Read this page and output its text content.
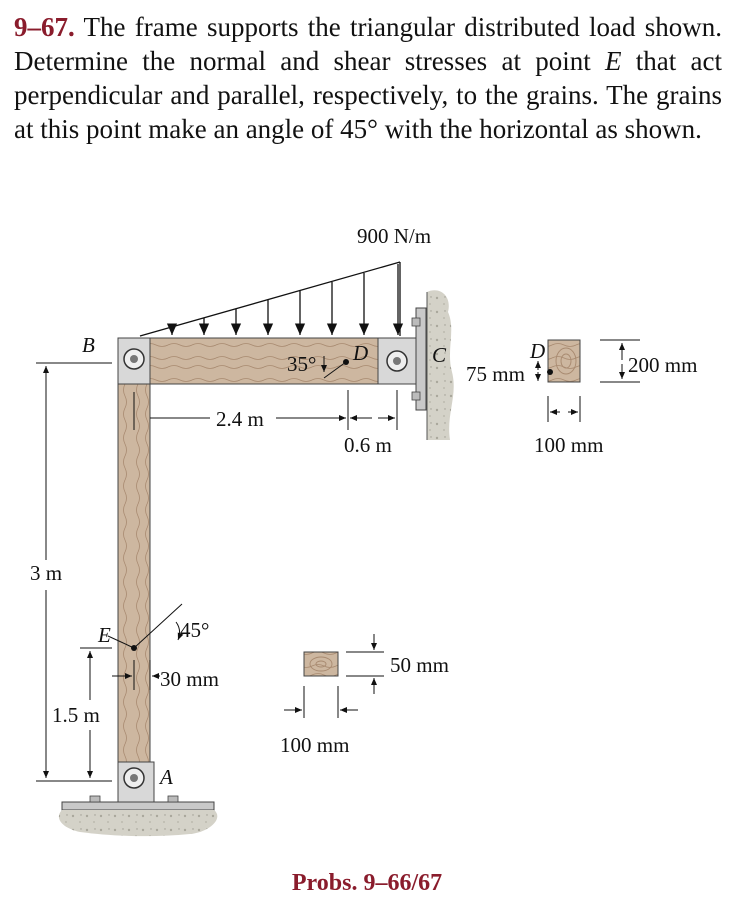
9–67. The frame supports the triangular distributed load shown. Determine the normal and shear stresses at point E that act perpendicular and parallel, respectively, to the grains. The grains at this point make an angle of 45° with the horizontal as shown.
900 N/m
B	D	C
E
A
35°
45°
2.4 m
0.6 m
3 m
1.5 m
30 mm
D
75 mm	200 mm
100 mm
50 mm
100 mm
Probs. 9–66/67
